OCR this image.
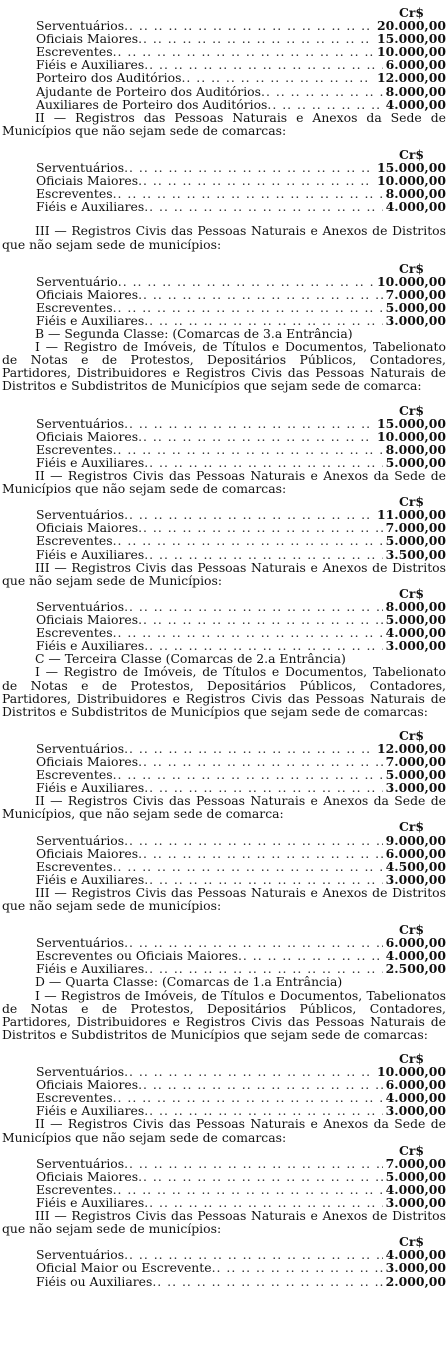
Cr$
Serventuários .. ..	20.000,00
Oficiais Maiores .. ..	15.000,00
Escreventes .. ..	10.000,00
Fiéis e Auxiliares .. ..	6.000,00
Porteiro dos Auditórios .. ..	12.000,00
Ajudante de Porteiro dos Auditórios .. ..	8.000,00
Auxiliares de Porteiro dos Auditórios .. ..	4.000,00
II — Registros das Pessoas Naturais e Anexos da Sede de Municípios que não sejam sede de comarcas:
Cr$
Serventuários .. ..	15.000,00
Oficiais Maiores .. ..	10.000,00
Escreventes .. ..	8.000,00
Fiéis e Auxiliares .. ..	4.000,00
III — Registros Civis das Pessoas Naturais e Anexos de Distritos que não sejam sede de municípios:
Cr$
Serventuário .. ..	10.000,00
Oficiais Maiores .. ..	7.000,00
Escreventes .. ..	5.000,00
Fiéis e Auxiliares .. ..	3.000,00
B — Segunda Classe: (Comarcas de 3.a Entrância)
I — Registro de Imóveis, de Títulos e Documentos, Tabelionato de Notas e de Protestos, Depositários Públicos, Contadores, Partidores, Distribuidores e Registros Civis das Pessoas Naturais de Distritos e Subdistritos de Municípios que sejam sede de comarca:
Cr$
Serventuários .. ..	15.000,00
Oficiais Maiores .. ..	10.000,00
Escreventes .. ..	8.000,00
Fiéis e Auxiliares .. ..	5.000,00
II — Registros Civis das Pessoas Naturais e Anexos da Sede de Municípios que não sejam sede de comarcas:
Cr$
Serventuários .. ..	11.000,00
Oficiais Maiores .. ..	7.000,00
Escreventes .. ..	5.000,00
Fiéis e Auxiliares .. ..	3.500,00
III — Registros Civis das Pessoas Naturais e Anexos de Distritos que não sejam sede de Municípios:
Cr$
Serventuários .. ..	8.000,00
Oficiais Maiores .. ..	5.000,00
Escreventes .. ..	4.000,00
Fiéis e Auxiliares .. ..	3.000,00
C — Terceira Classe (Comarcas de 2.a Entrância)
I — Registro de Imóveis, de Títulos e Documentos, Tabelionato de Notas e de Protestos, Depositários Públicos, Contadores, Partidores, Distribuidores e Registros Civis das Pessoas Naturais de Distritos e Subdistritos de Municípios que sejam sede de comarcas:
Cr$
Serventuários .. ..	12.000,00
Oficiais Maiores .. ..	7.000,00
Escreventes .. ..	5.000,00
Fiéis e Auxiliares .. ..	3.000,00
II — Registros Civis das Pessoas Naturais e Anexos da Sede de Municípios, que não sejam sede de comarca:
Cr$
Serventuários .. ..	9.000,00
Oficiais Maiores .. ..	6.000,00
Escreventes .. ..	4.500,00
Fiéis e Auxiliares .. ..	3.000,00
III — Registros Civis das Pessoas Naturais e Anexos de Distritos que não sejam sede de municípios:
Cr$
Serventuários .. ..	6.000,00
Escreventes ou Oficiais Maiores .. ..	4.000,00
Fiéis e Auxiliares .. ..	2.500,00
D — Quarta Classe: (Comarcas de 1.a Entrância)
I — Registros de Imóveis, de Títulos e Documentos, Tabelionatos de Notas e de Protestos, Depositários Públicos, Contadores, Partidores, Distribuidores e Registros Civis das Pessoas Naturais de Distritos e Subdistritos de Municípios que sejam sede de comarcas:
Cr$
Serventuários .. ..	10.000,00
Oficiais Maiores .. ..	6.000,00
Escreventes .. ..	4.000,00
Fiéis e Auxiliares .. ..	3.000,00
II — Registros Civis das Pessoas Naturais e Anexos da Sede de Municípios que não sejam sede de comarcas:
Cr$
Serventuários .. ..	7.000,00
Oficiais Maiores .. ..	5.000,00
Escreventes .. ..	4.000,00
Fiéis e Auxiliares .. ..	3.000,00
III — Registros Civis das Pessoas Naturais e Anexos de Distritos que não sejam sede de municípios:
Cr$
Serventuários .. ..	4.000,00
Oficial Maior ou Escrevente .. ..	3.000,00
Fiéis ou Auxiliares .. ..	2.000,00
